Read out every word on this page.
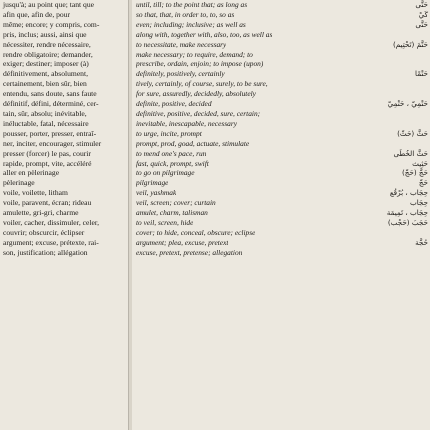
jusqu'à; au point que; tant que
afin que, afin de, pour
même; encore; y compris, com-
pris, inclus; aussi, ainsi que
nécessiter, rendre nécessaire,
rendre obligatoire; demander,
exiger; destiner; imposer (à)
définitivement, absolument,
certainement, bien sûr, bien
entendu, sans doute, sans faute
définitif, défini, déterminé, cer-
tain, sûr, absolu; inévitable,
inéluctable, fatal, nécessaire
pousser, porter, presser, entraî-
ner, inciter, encourager, stimuler
presser (forcer) le pas, courir
rapide, prompt, vite, accéléré
aller en pèlerinage
pèlerinage
voile, voilette, litham
voile, paravent, écran; rideau
amulette, gri-gri, charme
voiler, cacher, dissimuler, celer,
couvrir; obscurcir, éclipser
argument; excuse, prétexte, rai-
son, justification; allégation
until, till; to the point that; as long as	حَتَّى
so that, that, in order to, to, so as	كَيْ
even; including; inclusive; as well as	حَتَّى
along with, together with, also, too, as well as
to necessitate, make necessary	حَتَّمَ (تَحْتِيم)
make necessary; to require, demand; to
prescribe, ordain, enjoin; to impose (upon)
definitely, positively, certainly	حَتْمًا
tively, certainly, of course, surely, to be sure,
for sure, assuredly, decidedly, absolutely
definite, positive, decided	حَتْمِيّ ، حَتْمِيّ
definitive, positive, decided, sure, certain;
inevitable, inescapable, necessary
to urge, incite, prompt	حَثَّ (حَثّ)
prompt, prod, goad, actuate, stimulate
to mend one's pace, run	حَثَّ الخُطَى
fast, quick, prompt, swift	حَثِيث
to go on pilgrimage	حَجَّ (حَجّ)
pilgrimage	حَجّ
veil, yashmak	حِجَاب ، بُرْقُع
veil, screen; cover; curtain	حِجَاب
amulet, charm, talisman	حِجَاب ، تَمِيمَة
to veil, screen, hide	حَجَبَ (حَجْب)
cover; to hide, conceal, obscure; eclipse
argument; plea, excuse, pretext	حُجَّة
excuse, pretext, pretense; allegation
